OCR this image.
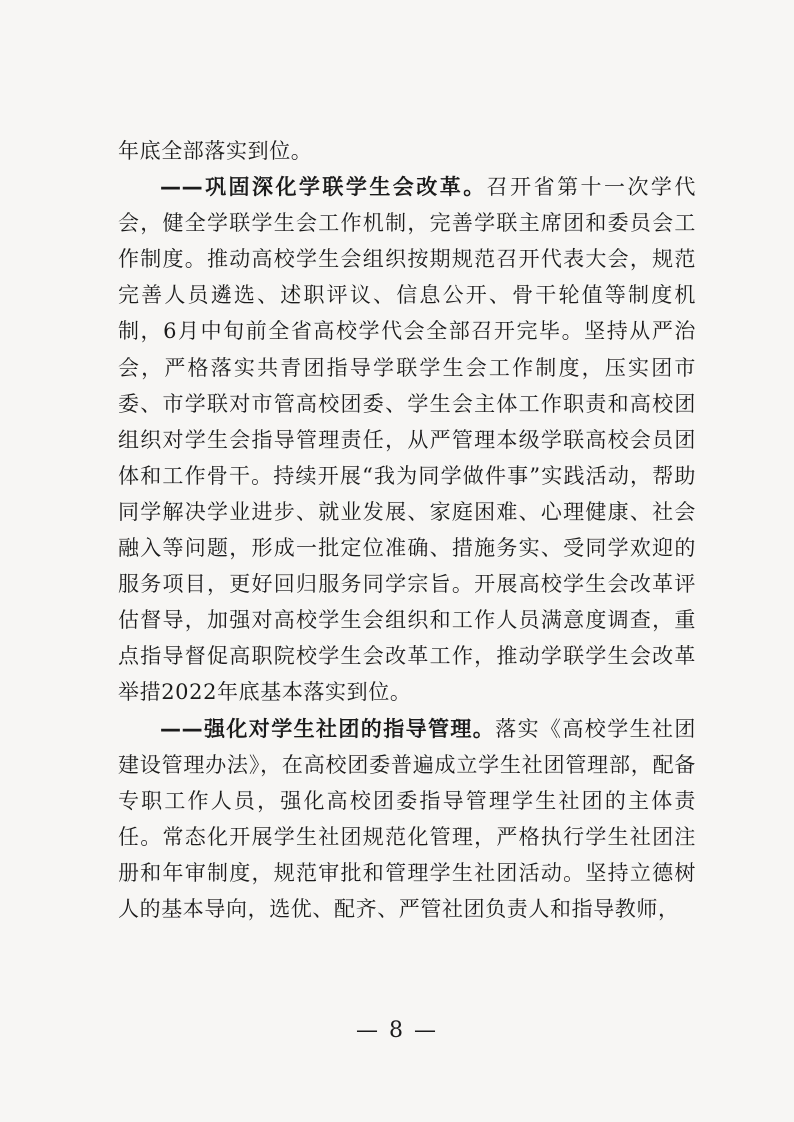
年底全部落实到位。

——巩固深化学联学生会改革。召开省第十一次学代会，健全学联学生会工作机制，完善学联主席团和委员会工作制度。推动高校学生会组织按期规范召开代表大会，规范完善人员遴选、述职评议、信息公开、骨干轮值等制度机制，6月中旬前全省高校学代会全部召开完毕。坚持从严治会，严格落实共青团指导学联学生会工作制度，压实团市委、市学联对市管高校团委、学生会主体工作职责和高校团组织对学生会指导管理责任，从严管理本级学联高校会员团体和工作骨干。持续开展“我为同学做件事”实践活动，帮助同学解决学业进步、就业发展、家庭困难、心理健康、社会融入等问题，形成一批定位准确、措施务实、受同学欢迎的服务项目，更好回归服务同学宗旨。开展高校学生会改革评估督导，加强对高校学生会组织和工作人员满意度调查，重点指导督促高职院校学生会改革工作，推动学联学生会改革举措2022年底基本落实到位。

——强化对学生社团的指导管理。落实《高校学生社团建设管理办法》，在高校团委普遍成立学生社团管理部，配备专职工作人员，强化高校团委指导管理学生社团的主体责任。常态化开展学生社团规范化管理，严格执行学生社团注册和年审制度，规范审批和管理学生社团活动。坚持立德树人的基本导向，选优、配齐、严管社团负责人和指导教师，

— 8 —
